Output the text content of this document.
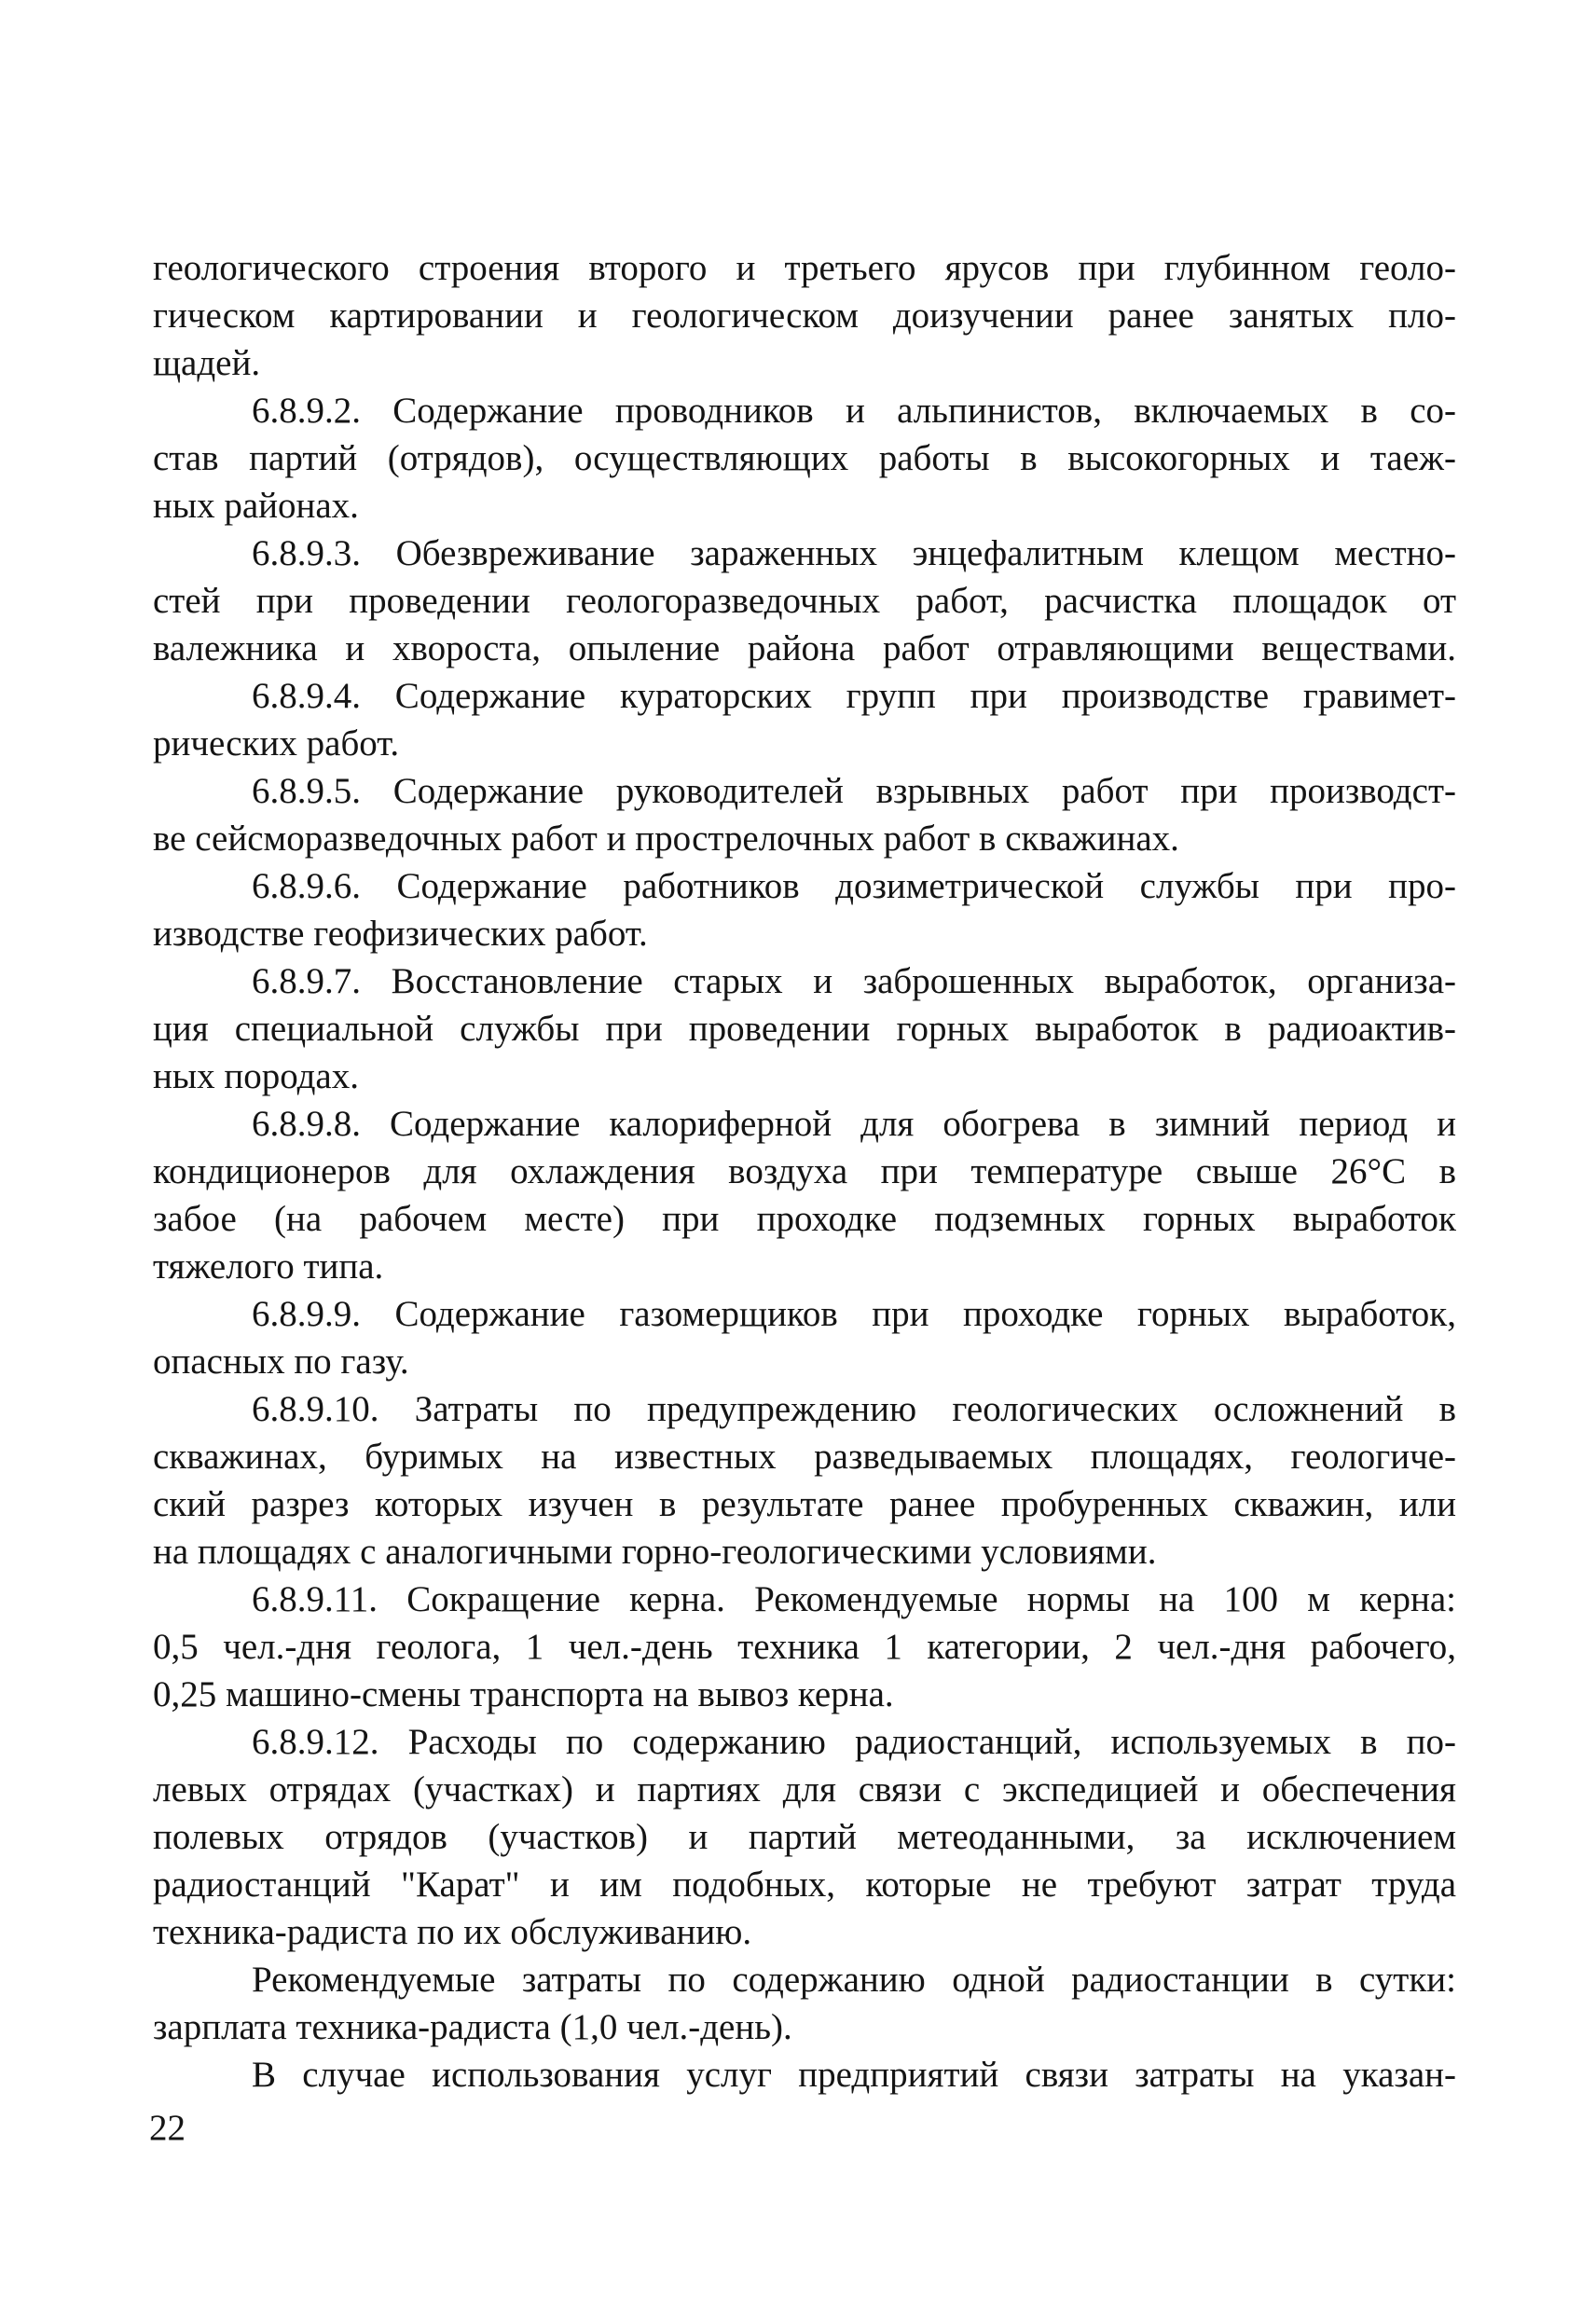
геологического строения второго и третьего ярусов при глубинном геоло-
гическом картировании и геологическом доизучении ранее занятых пло-
щадей.
6.8.9.2. Содержание проводников и альпинистов, включаемых в со-
став партий (отрядов), осуществляющих работы в высокогорных и таеж-
ных районах.
6.8.9.3. Обезвреживание зараженных энцефалитным клещом местно-
стей при проведении геологоразведочных работ, расчистка площадок от
валежника и хвороста, опыление района работ отравляющими веществами.
6.8.9.4. Содержание кураторских групп при производстве гравимет-
рических работ.
6.8.9.5. Содержание руководителей взрывных работ при производст-
ве сейсморазведочных работ и прострелочных работ в скважинах.
6.8.9.6. Содержание работников дозиметрической службы при про-
изводстве геофизических работ.
6.8.9.7. Восстановление старых и заброшенных выработок, организа-
ция специальной службы при проведении горных выработок в радиоактив-
ных породах.
6.8.9.8. Содержание калориферной для обогрева в зимний период и
кондиционеров для охлаждения воздуха при температуре свыше 26°С в
забое (на рабочем месте) при проходке подземных горных выработок
тяжелого типа.
6.8.9.9. Содержание газомерщиков при проходке горных выработок,
опасных по газу.
6.8.9.10. Затраты по предупреждению геологических осложнений в
скважинах, буримых на известных разведываемых площадях, геологиче-
ский разрез которых изучен в результате ранее пробуренных скважин, или
на площадях с аналогичными горно-геологическими условиями.
6.8.9.11. Сокращение керна. Рекомендуемые нормы на 100 м керна:
0,5 чел.-дня геолога, 1 чел.-день техника 1 категории, 2 чел.-дня рабочего,
0,25 машино-смены транспорта на вывоз керна.
6.8.9.12. Расходы по содержанию радиостанций, используемых в по-
левых отрядах (участках) и партиях для связи с экспедицией и обеспечения
полевых отрядов (участков) и партий метеоданными, за исключением
радиостанций "Карат" и им подобных, которые не требуют затрат труда
техника-радиста по их обслуживанию.
Рекомендуемые затраты по содержанию одной радиостанции в сутки:
зарплата техника-радиста (1,0 чел.-день).
В случае использования услуг предприятий связи затраты на указан-
22
